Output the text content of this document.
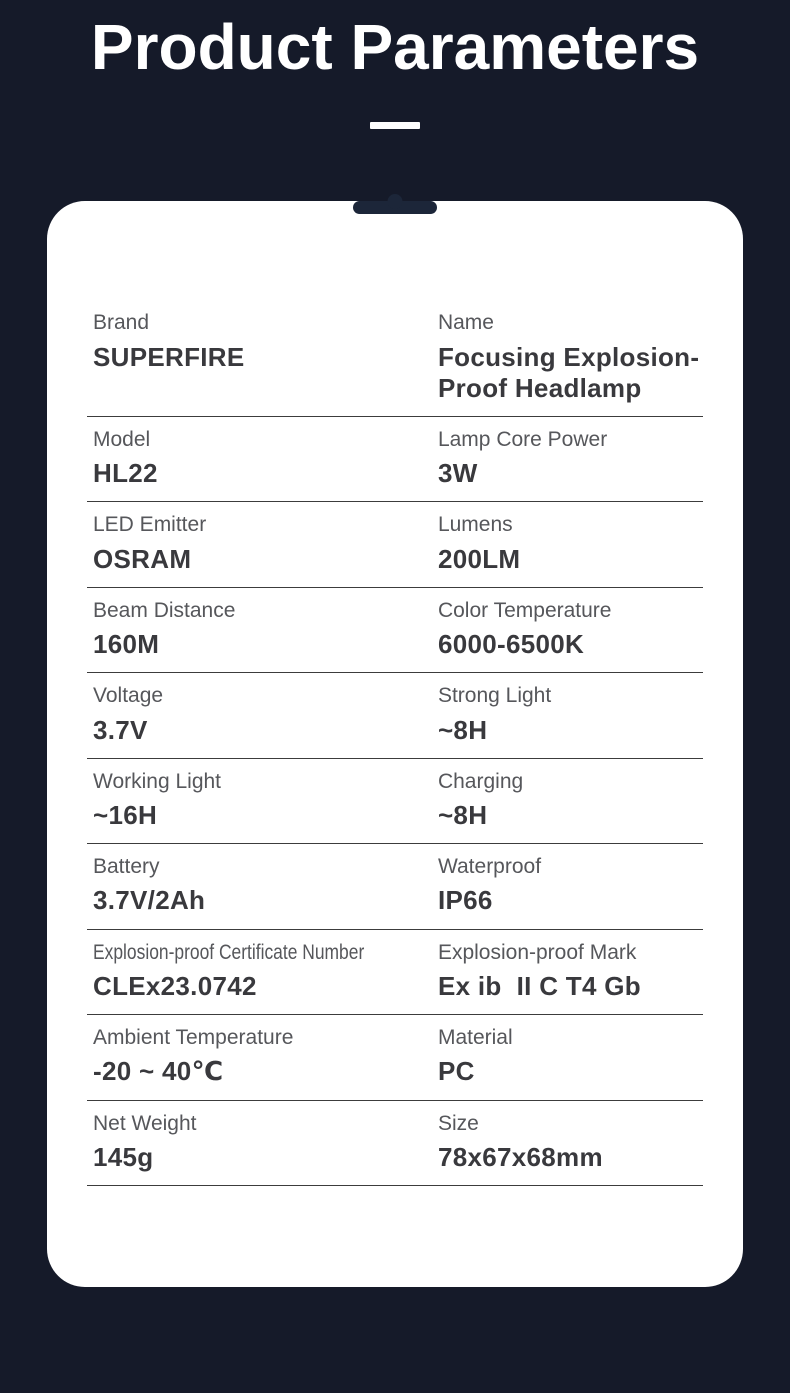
Product Parameters
Brand
SUPERFIRE
Name
Focusing Explosion-Proof Headlamp
Model
HL22
Lamp Core Power
3W
LED Emitter
OSRAM
Lumens
200LM
Beam Distance
160M
Color Temperature
6000-6500K
Voltage
3.7V
Strong Light
~8H
Working Light
~16H
Charging
~8H
Battery
3.7V/2Ah
Waterproof
IP66
Explosion-proof Certificate Number
CLEx23.0742
Explosion-proof Mark
Ex ib  II C T4 Gb
Ambient Temperature
-20 ~ 40℃
Material
PC
Net Weight
145g
Size
78x67x68mm
